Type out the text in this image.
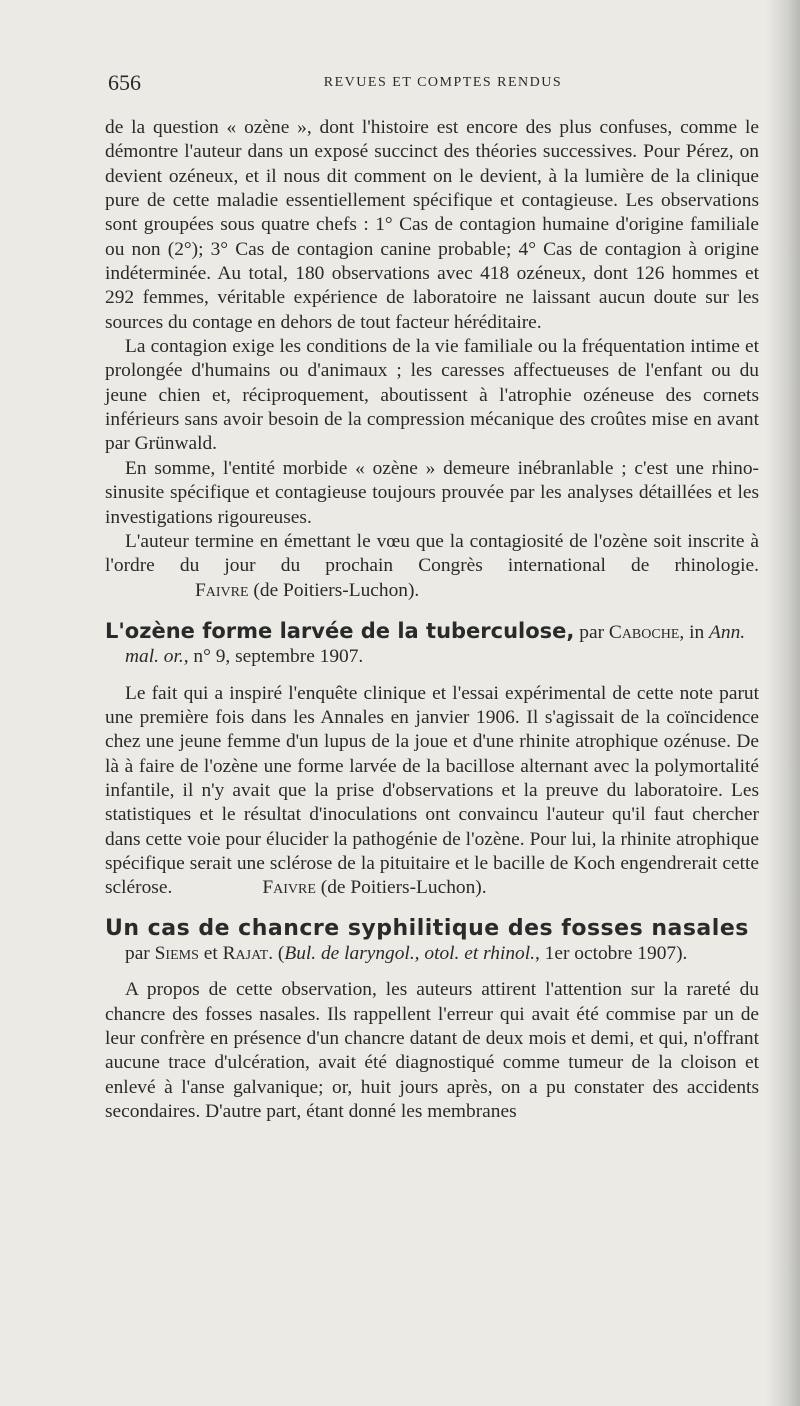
656	REVUES ET COMPTES RENDUS

de la question « ozène », dont l'histoire est encore des plus confuses, comme le démontre l'auteur dans un exposé succinct des théories successives. Pour Pérez, on devient ozéneux, et il nous dit comment on le devient, à la lumière de la clinique pure de cette maladie essentiellement spécifique et contagieuse. Les observations sont groupées sous quatre chefs : 1° Cas de contagion humaine d'origine familiale ou non (2°); 3° Cas de contagion canine probable; 4° Cas de contagion à origine indéterminée. Au total, 180 observations avec 418 ozéneux, dont 126 hommes et 292 femmes, véritable expérience de laboratoire ne laissant aucun doute sur les sources du contage en dehors de tout facteur héréditaire.

La contagion exige les conditions de la vie familiale ou la fréquentation intime et prolongée d'humains ou d'animaux ; les caresses affectueuses de l'enfant ou du jeune chien et, réciproquement, aboutissent à l'atrophie ozéneuse des cornets inférieurs sans avoir besoin de la compression mécanique des croûtes mise en avant par Grünwald.

En somme, l'entité morbide « ozène » demeure inébranlable ; c'est une rhino-sinusite spécifique et contagieuse toujours prouvée par les analyses détaillées et les investigations rigoureuses.

L'auteur termine en émettant le vœu que la contagiosité de l'ozène soit inscrite à l'ordre du jour du prochain Congrès international de rhinologie.Faivre (de Poitiers-Luchon).

L'ozène forme larvée de la tuberculose, par Caboche, in Ann. mal. or., n° 9, septembre 1907.

Le fait qui a inspiré l'enquête clinique et l'essai expérimental de cette note parut une première fois dans les Annales en janvier 1906. Il s'agissait de la coïncidence chez une jeune femme d'un lupus de la joue et d'une rhinite atrophique ozénuse. De là à faire de l'ozène une forme larvée de la bacillose alternant avec la polymortalité infantile, il n'y avait que la prise d'observations et la preuve du laboratoire. Les statistiques et le résultat d'inoculations ont convaincu l'auteur qu'il faut chercher dans cette voie pour élucider la pathogénie de l'ozène. Pour lui, la rhinite atrophique spécifique serait une sclérose de la pituitaire et le bacille de Koch engendrerait cette sclérose.	Faivre (de Poitiers-Luchon).

Un cas de chancre syphilitique des fosses nasales
par Siems et Rajat. (Bul. de laryngol., otol. et rhinol., 1er octobre 1907).

A propos de cette observation, les auteurs attirent l'attention sur la rareté du chancre des fosses nasales. Ils rappellent l'erreur qui avait été commise par un de leur confrère en présence d'un chancre datant de deux mois et demi, et qui, n'offrant aucune trace d'ulcération, avait été diagnostiqué comme tumeur de la cloison et enlevé à l'anse galvanique; or, huit jours après, on a pu constater des accidents secondaires. D'autre part, étant donné les membranes
